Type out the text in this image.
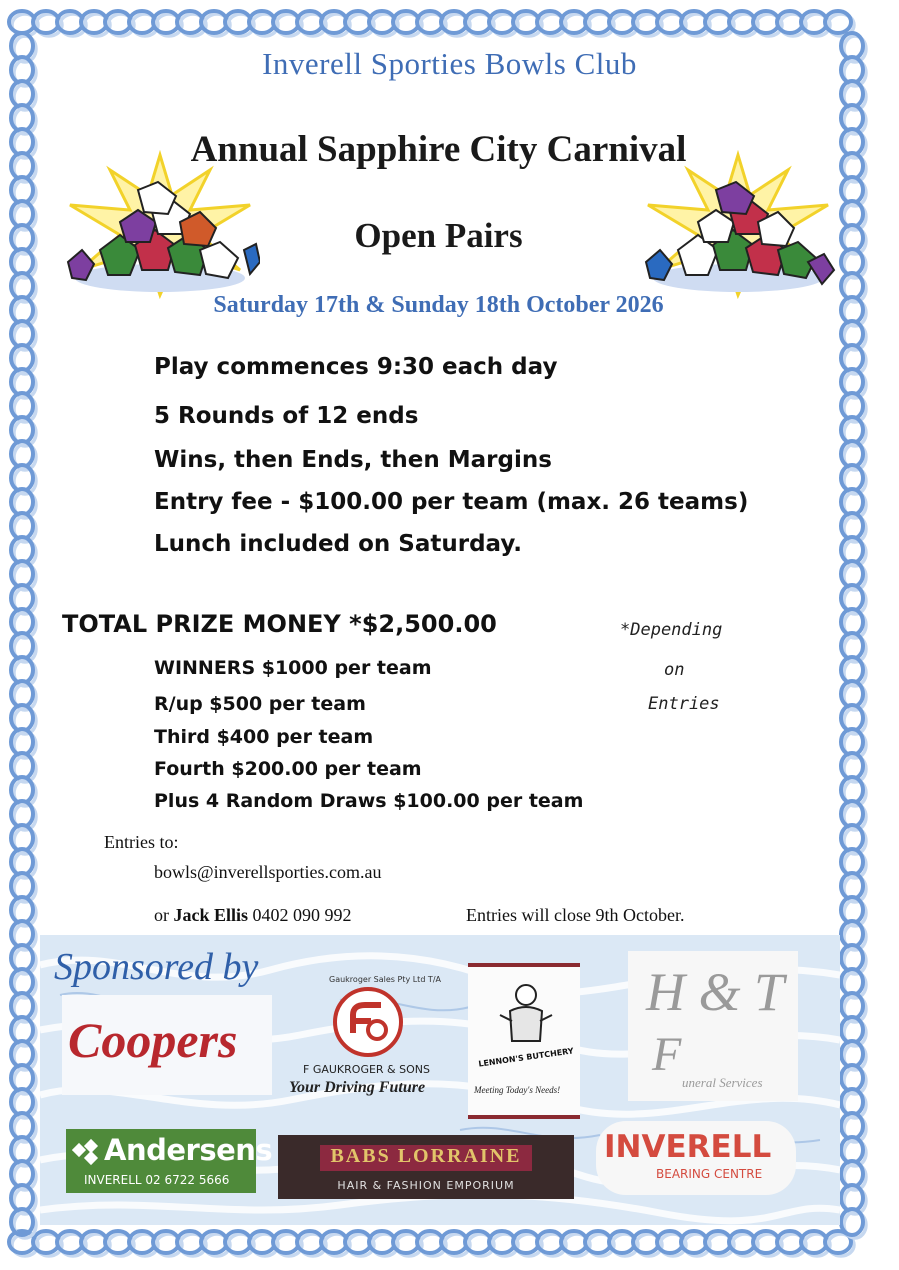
Inverell Sporties Bowls Club
Annual Sapphire City Carnival
Open Pairs
Saturday 17th & Sunday 18th October 2026
Play commences 9:30 each day
5 Rounds of 12 ends
Wins, then Ends, then Margins
Entry fee - $100.00 per team (max. 26 teams)
Lunch included on Saturday.
TOTAL PRIZE MONEY *$2,500.00	*Depending
on
Entries
WINNERS $1000 per team
R/up $500 per team
Third $400 per team
Fourth $200.00 per team
Plus 4 Random Draws $100.00 per team
Entries to:
bowls@inverellsporties.com.au
or Jack Ellis 0402 090 992	Entries will close 9th October.
Sponsored by
Coopers
Gaukroger Sales Pty Ltd T/A
F GAUKROGER & SONS
Your Driving Future
LENNON'S BUTCHERY
Meeting Today's Needs!
H & T
F
uneral Services
Andersens
INVERELL 02 6722 5666
BABS LORRAINE
HAIR & FASHION EMPORIUM
INVERELL
BEARING CENTRE
